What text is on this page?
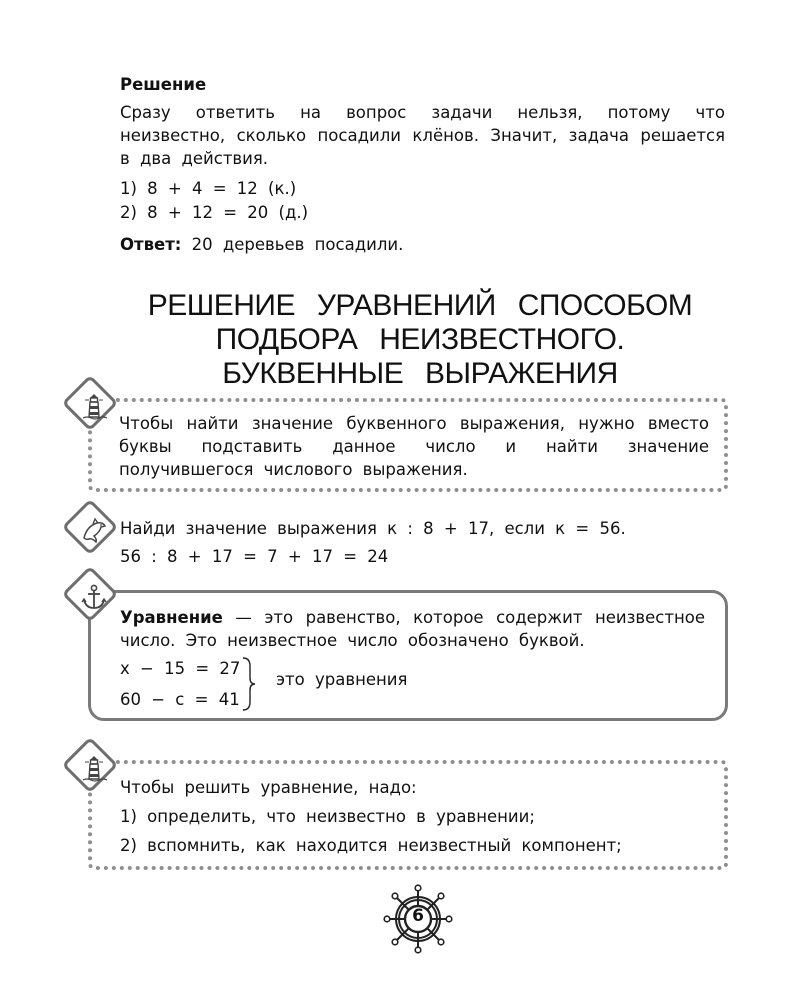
Решение
Сразу ответить на вопрос задачи нельзя, потому что неизвестно, сколько посадили клёнов. Значит, задача решается в два действия.
1) 8 + 4 = 12 (к.)
2) 8 + 12 = 20 (д.)
Ответ: 20 деревьев посадили.
РЕШЕНИЕ УРАВНЕНИЙ СПОСОБОМ
ПОДБОРА НЕИЗВЕСТНОГО.
БУКВЕННЫЕ ВЫРАЖЕНИЯ
Чтобы найти значение буквенного выражения, нужно вместо буквы подставить данное число и найти значение получившегося числового выражения.
Найди значение выражения к : 8 + 17, если к = 56.
56 : 8 + 17 = 7 + 17 = 24
Уравнение — это равенство, которое содержит неизвестное число. Это неизвестное число обозначено буквой.
х − 15 = 27
60 − с = 41
это уравнения
Чтобы решить уравнение, надо:
1) определить, что неизвестно в уравнении;
2) вспомнить, как находится неизвестный компонент;
6
